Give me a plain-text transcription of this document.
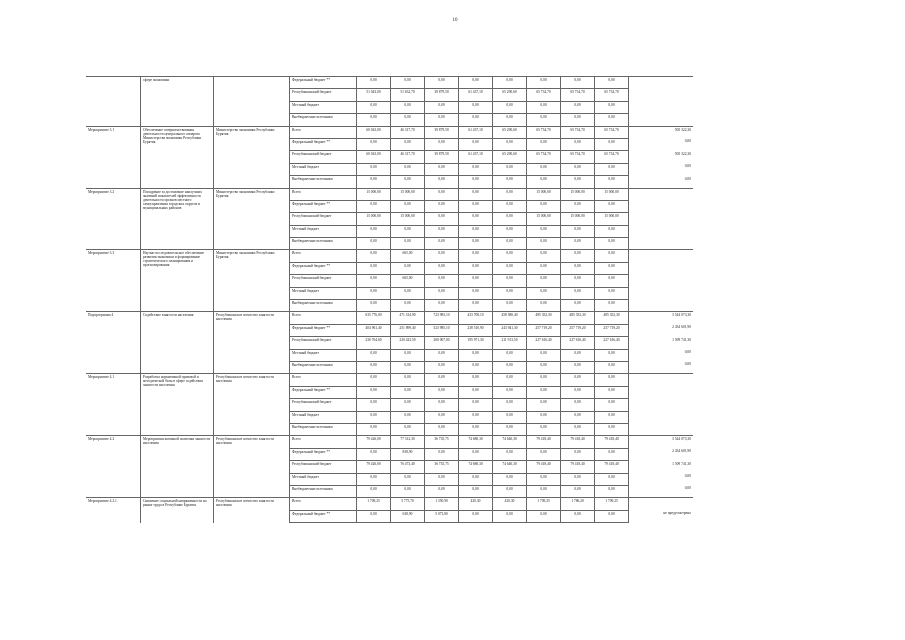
10
	сфере экономики		Федеральный бюджет **	0,00	0,00	0,00	0,00	0,00	0,00	0,00	0,00	
			Республиканский бюджет	51 043,00	51 632,70	39 879,50	61 437,10	65 290,60	65 734,70	65 734,70	65 734,70	
			Местный бюджет	0,00	0,00	0,00	0,00	0,00	0,00	0,00	0,00	
			Внебюджетные источники	0,00	0,00	0,00	0,00	0,00	0,00	0,00	0,00	
Мероприятие 3.1	Обеспечение совершенствования деятельности центрального аппарата Министерства экономики Республики Бурятия	Министерство экономики Республики Бурятия	Всего	60 043,00	46 317,70	39 879,50	61 437,10	65 290,60	65 734,70	65 734,70	65 734,70	505 322,30
			Федеральный бюджет **	0,00	0,00	0,00	0,00	0,00	0,00	0,00	0,00	0,00
			Республиканский бюджет	60 043,00	46 317,70	39 879,50	61 437,10	65 290,60	65 734,70	65 734,70	65 734,70	505 322,30
			Местный бюджет	0,00	0,00	0,00	0,00	0,00	0,00	0,00	0,00	0,00
			Внебюджетные источники	0,00	0,00	0,00	0,00	0,00	0,00	0,00	0,00	0,00
Мероприятие 3.2	Поощрение за достижение наилучших значений показателей эффективности деятельности органов местного самоуправления городских округов и муниципальных районов	Министерство экономики Республики Бурятия	Всего	15 000,00	15 000,00	0,00	0,00	0,00	15 000,00	15 000,00	15 000,00	
			Федеральный бюджет **	0,00	0,00	0,00	0,00	0,00	0,00	0,00	0,00	
			Республиканский бюджет	15 000,00	15 000,00	0,00	0,00	0,00	15 000,00	15 000,00	15 000,00	
			Местный бюджет	0,00	0,00	0,00	0,00	0,00	0,00	0,00	0,00	
			Внебюджетные источники	0,00	0,00	0,00	0,00	0,00	0,00	0,00	0,00	
Мероприятие 3.3	Научно-исследовательское обеспечение развития экономики и формирование стратегического планирования и прогнозирования	Министерство экономики Республики Бурятия	Всего	0,00	665,00	0,00	0,00	0,00	0,00	0,00	0,00	
			Федеральный бюджет **	0,00	0,00	0,00	0,00	0,00	0,00	0,00	0,00	
			Республиканский бюджет	0,00	665,00	0,00	0,00	0,00	0,00	0,00	0,00	
			Местный бюджет	0,00	0,00	0,00	0,00	0,00	0,00	0,00	0,00	
			Внебюджетные источники	0,00	0,00	0,00	0,00	0,00	0,00	0,00	0,00	
Подпрограмма 4	Содействие занятости населения	Республиканское агентство занятости населения	Всего	635 776,00	471 314,90	723 983,10	433 708,10	458 580,40	485 352,30	485 352,30	485 352,30	3 544 073,30
			Федеральный бюджет **	404 961,40	251 899,40	523 985,10	238 510,90	243 941,30	257 719,20	257 719,20	257 719,20	2 434 601,90
			Республиканский бюджет	230 764,60	220 423,50	200 007,00	195 971,30	211 913,50	227 616,40	227 616,40	227 616,40	1 509 741,30
			Местный бюджет	0,00	0,00	0,00	0,00	0,00	0,00	0,00	0,00	0,00
			Внебюджетные источники	0,00	0,00	0,00	0,00	0,00	0,00	0,00	0,00	0,00
Мероприятие 4.1	Разработка нормативной правовой и методической базы в сфере содействия занятости населения	Республиканское агентство занятости населения	Всего	0,00	0,00	0,00	0,00	0,00	0,00	0,00	0,00	
			Федеральный бюджет **	0,00	0,00	0,00	0,00	0,00	0,00	0,00	0,00	
			Республиканский бюджет	0,00	0,00	0,00	0,00	0,00	0,00	0,00	0,00	
			Местный бюджет	0,00	0,00	0,00	0,00	0,00	0,00	0,00	0,00	
			Внебюджетные источники	0,00	0,00	0,00	0,00	0,00	0,00	0,00	0,00	
Мероприятие 4.2	Мероприятия активной политики занятости населения	Республиканское агентство занятости населения	Всего	79 426,00	77 312,30	36 735,75	74 680,30	74 640,30	79 418,40	79 418,40	79 418,40	3 544 073,30
			Федеральный бюджет **	0,00	838,90	0,00	0,00	0,00	0,00	0,00	0,00	2 434 601,90
			Республиканский бюджет	79 426,00	76 473,40	36 735,75	74 680,30	74 640,30	79 418,40	79 418,40	79 418,40	1 509 741,30
			Местный бюджет	0,00	0,00	0,00	0,00	0,00	0,00	0,00	0,00	0,00
			Внебюджетные источники	0,00	0,00	0,00	0,00	0,00	0,00	0,00	0,00	0,00
Мероприятие 4.2.1.	Снижение социальной напряженности на рынке труда в Республике Бурятия	Республиканское агентство занятости населения	Всего	1 709,25	5 775,70	1 350,90	420,30	420,30	1 709,25	1 786,20	1 709,25	
			Федеральный бюджет **	0,00	638,90	5 073,80	0,00	0,00	0,00	0,00	0,00	не предусмотрено
